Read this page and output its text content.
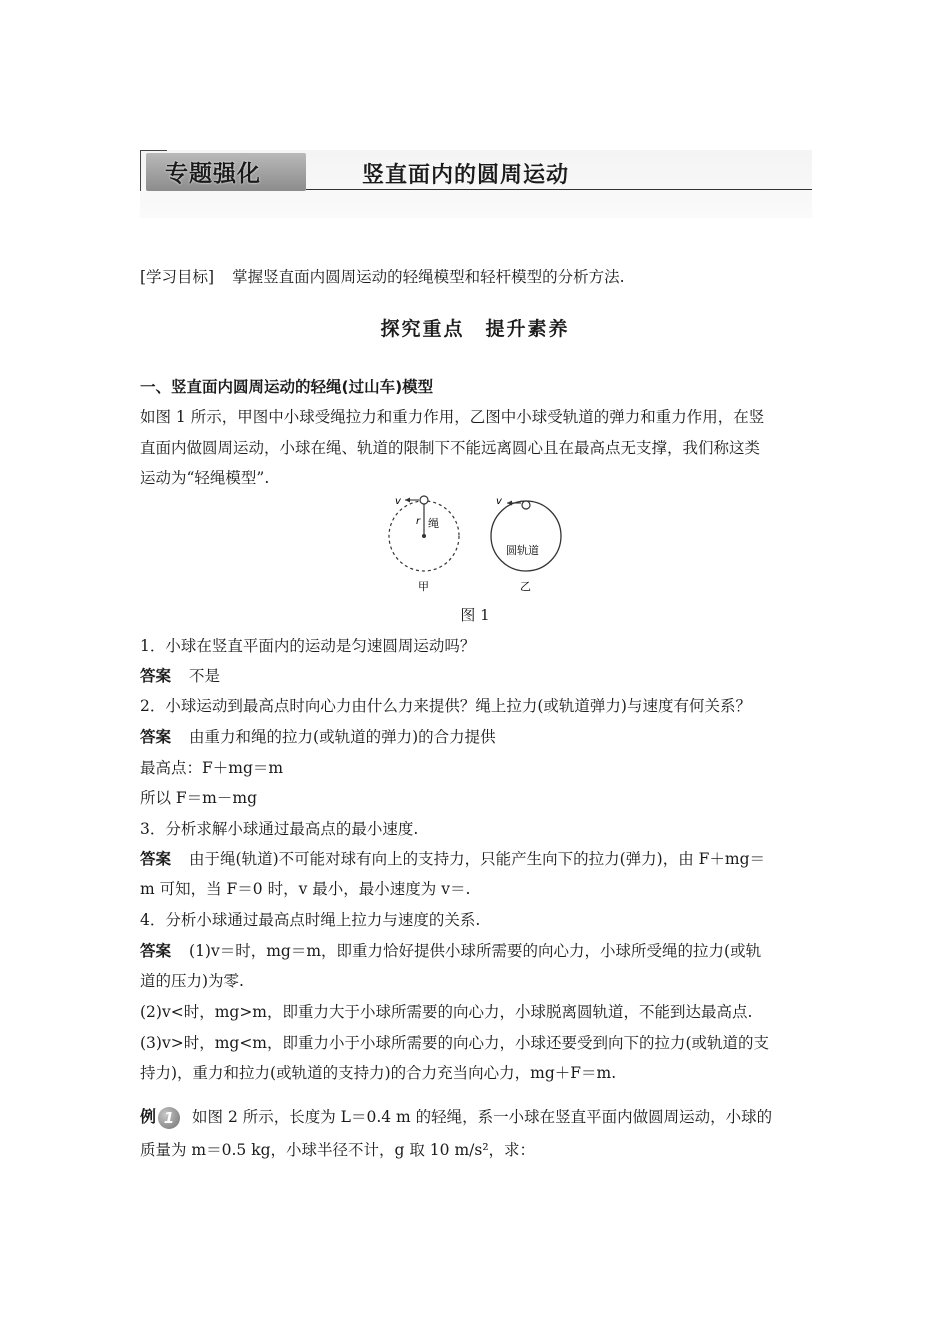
专题强化	竖直面内的圆周运动
[学习目标] 掌握竖直面内圆周运动的轻绳模型和轻杆模型的分析方法.
探究重点　提升素养
一、竖直面内圆周运动的轻绳(过山车)模型
如图 1 所示，甲图中小球受绳拉力和重力作用，乙图中小球受轨道的弹力和重力作用，在竖
直面内做圆周运动，小球在绳、轨道的限制下不能远离圆心且在最高点无支撑，我们称这类
运动为“轻绳模型”.
v
r 绳
甲
v
圆轨道
乙
图 1
1．小球在竖直平面内的运动是匀速圆周运动吗？
答案 不是
2．小球运动到最高点时向心力由什么力来提供？绳上拉力(或轨道弹力)与速度有何关系？
答案 由重力和绳的拉力(或轨道的弹力)的合力提供
最高点：F＋mg＝m
所以 F＝m－mg
3．分析求解小球通过最高点的最小速度.
答案 由于绳(轨道)不可能对球有向上的支持力，只能产生向下的拉力(弹力)，由 F＋mg＝
m 可知，当 F＝0 时，v 最小，最小速度为 v＝.
4．分析小球通过最高点时绳上拉力与速度的关系.
答案 (1)v＝时，mg＝m，即重力恰好提供小球所需要的向心力，小球所受绳的拉力(或轨
道的压力)为零.
(2)v<时，mg>m，即重力大于小球所需要的向心力，小球脱离圆轨道，不能到达最高点.
(3)v>时，mg<m，即重力小于小球所需要的向心力，小球还要受到向下的拉力(或轨道的支
持力)，重力和拉力(或轨道的支持力)的合力充当向心力，mg＋F＝m.
例 1 如图 2 所示，长度为 L＝0.4 m 的轻绳，系一小球在竖直平面内做圆周运动，小球的
质量为 m＝0.5 kg，小球半径不计，g 取 10 m/s²，求：
